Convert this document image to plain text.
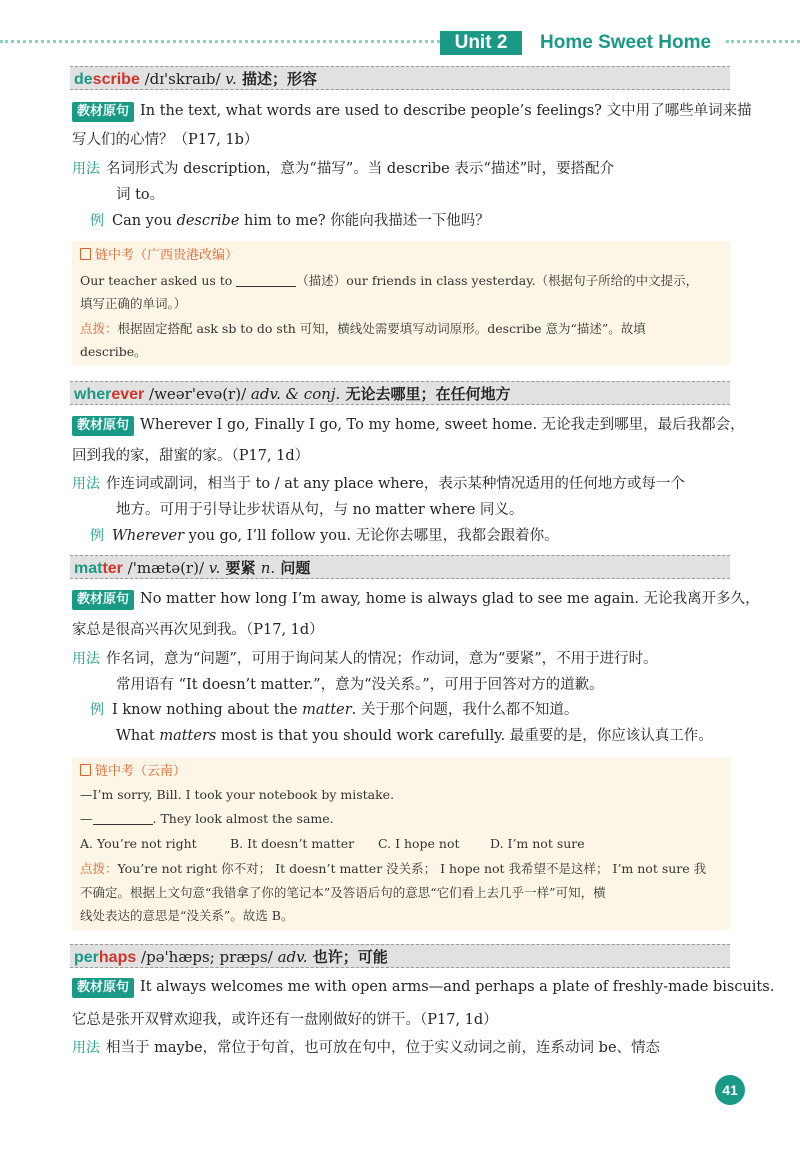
Unit 2	Home Sweet Home
describe /dɪ'skraɪb/ v. 描述；形容
教材原句 In the text, what words are used to describe people’s feelings? 文中用了哪些单词来描
写人们的心情？（P17, 1b）
用法 名词形式为 description，意为“描写”。当 describe 表示“描述”时，要搭配介
词 to。
例 Can you describe him to me? 你能向我描述一下他吗？
链中考（广西贵港改编）
Our teacher asked us to	（描述）our friends in class yesterday.（根据句子所给的中文提示，
填写正确的单词。）
点拨：根据固定搭配 ask sb to do sth 可知，横线处需要填写动词原形。describe 意为“描述”。故填
describe。
wherever /weər'evə(r)/ adv. & conj. 无论去哪里；在任何地方
教材原句 Wherever I go, Finally I go, To my home, sweet home. 无论我走到哪里，最后我都会，
回到我的家，甜蜜的家。（P17, 1d）
用法 作连词或副词，相当于 to / at any place where，表示某种情况适用的任何地方或每一个
地方。可用于引导让步状语从句，与 no matter where 同义。
例 Wherever you go, I’ll follow you. 无论你去哪里，我都会跟着你。
matter /'mætə(r)/ v. 要紧 n. 问题
教材原句 No matter how long I’m away, home is always glad to see me again. 无论我离开多久，
家总是很高兴再次见到我。（P17, 1d）
用法 作名词，意为“问题”，可用于询问某人的情况；作动词，意为“要紧”，不用于进行时。
常用语有 “It doesn’t matter.”，意为“没关系。”，可用于回答对方的道歉。
例 I know nothing about the matter. 关于那个问题，我什么都不知道。
What matters most is that you should work carefully. 最重要的是，你应该认真工作。
链中考（云南）
—I’m sorry, Bill. I took your notebook by mistake.
—	. They look almost the same.
A. You’re not right	B. It doesn’t matter C. I hope not D. I’m not sure
点拨：You’re not right 你不对； It doesn’t matter 没关系； I hope not 我希望不是这样； I’m not sure 我
不确定。根据上文句意“我错拿了你的笔记本”及答语后句的意思“它们看上去几乎一样”可知，横
线处表达的意思是“没关系”。故选 B。
perhaps /pə'hæps; præps/ adv. 也许；可能
教材原句 It always welcomes me with open arms—and perhaps a plate of freshly-made biscuits.
它总是张开双臂欢迎我，或许还有一盘刚做好的饼干。（P17, 1d）
用法 相当于 maybe，常位于句首，也可放在句中，位于实义动词之前，连系动词 be、情态
41
